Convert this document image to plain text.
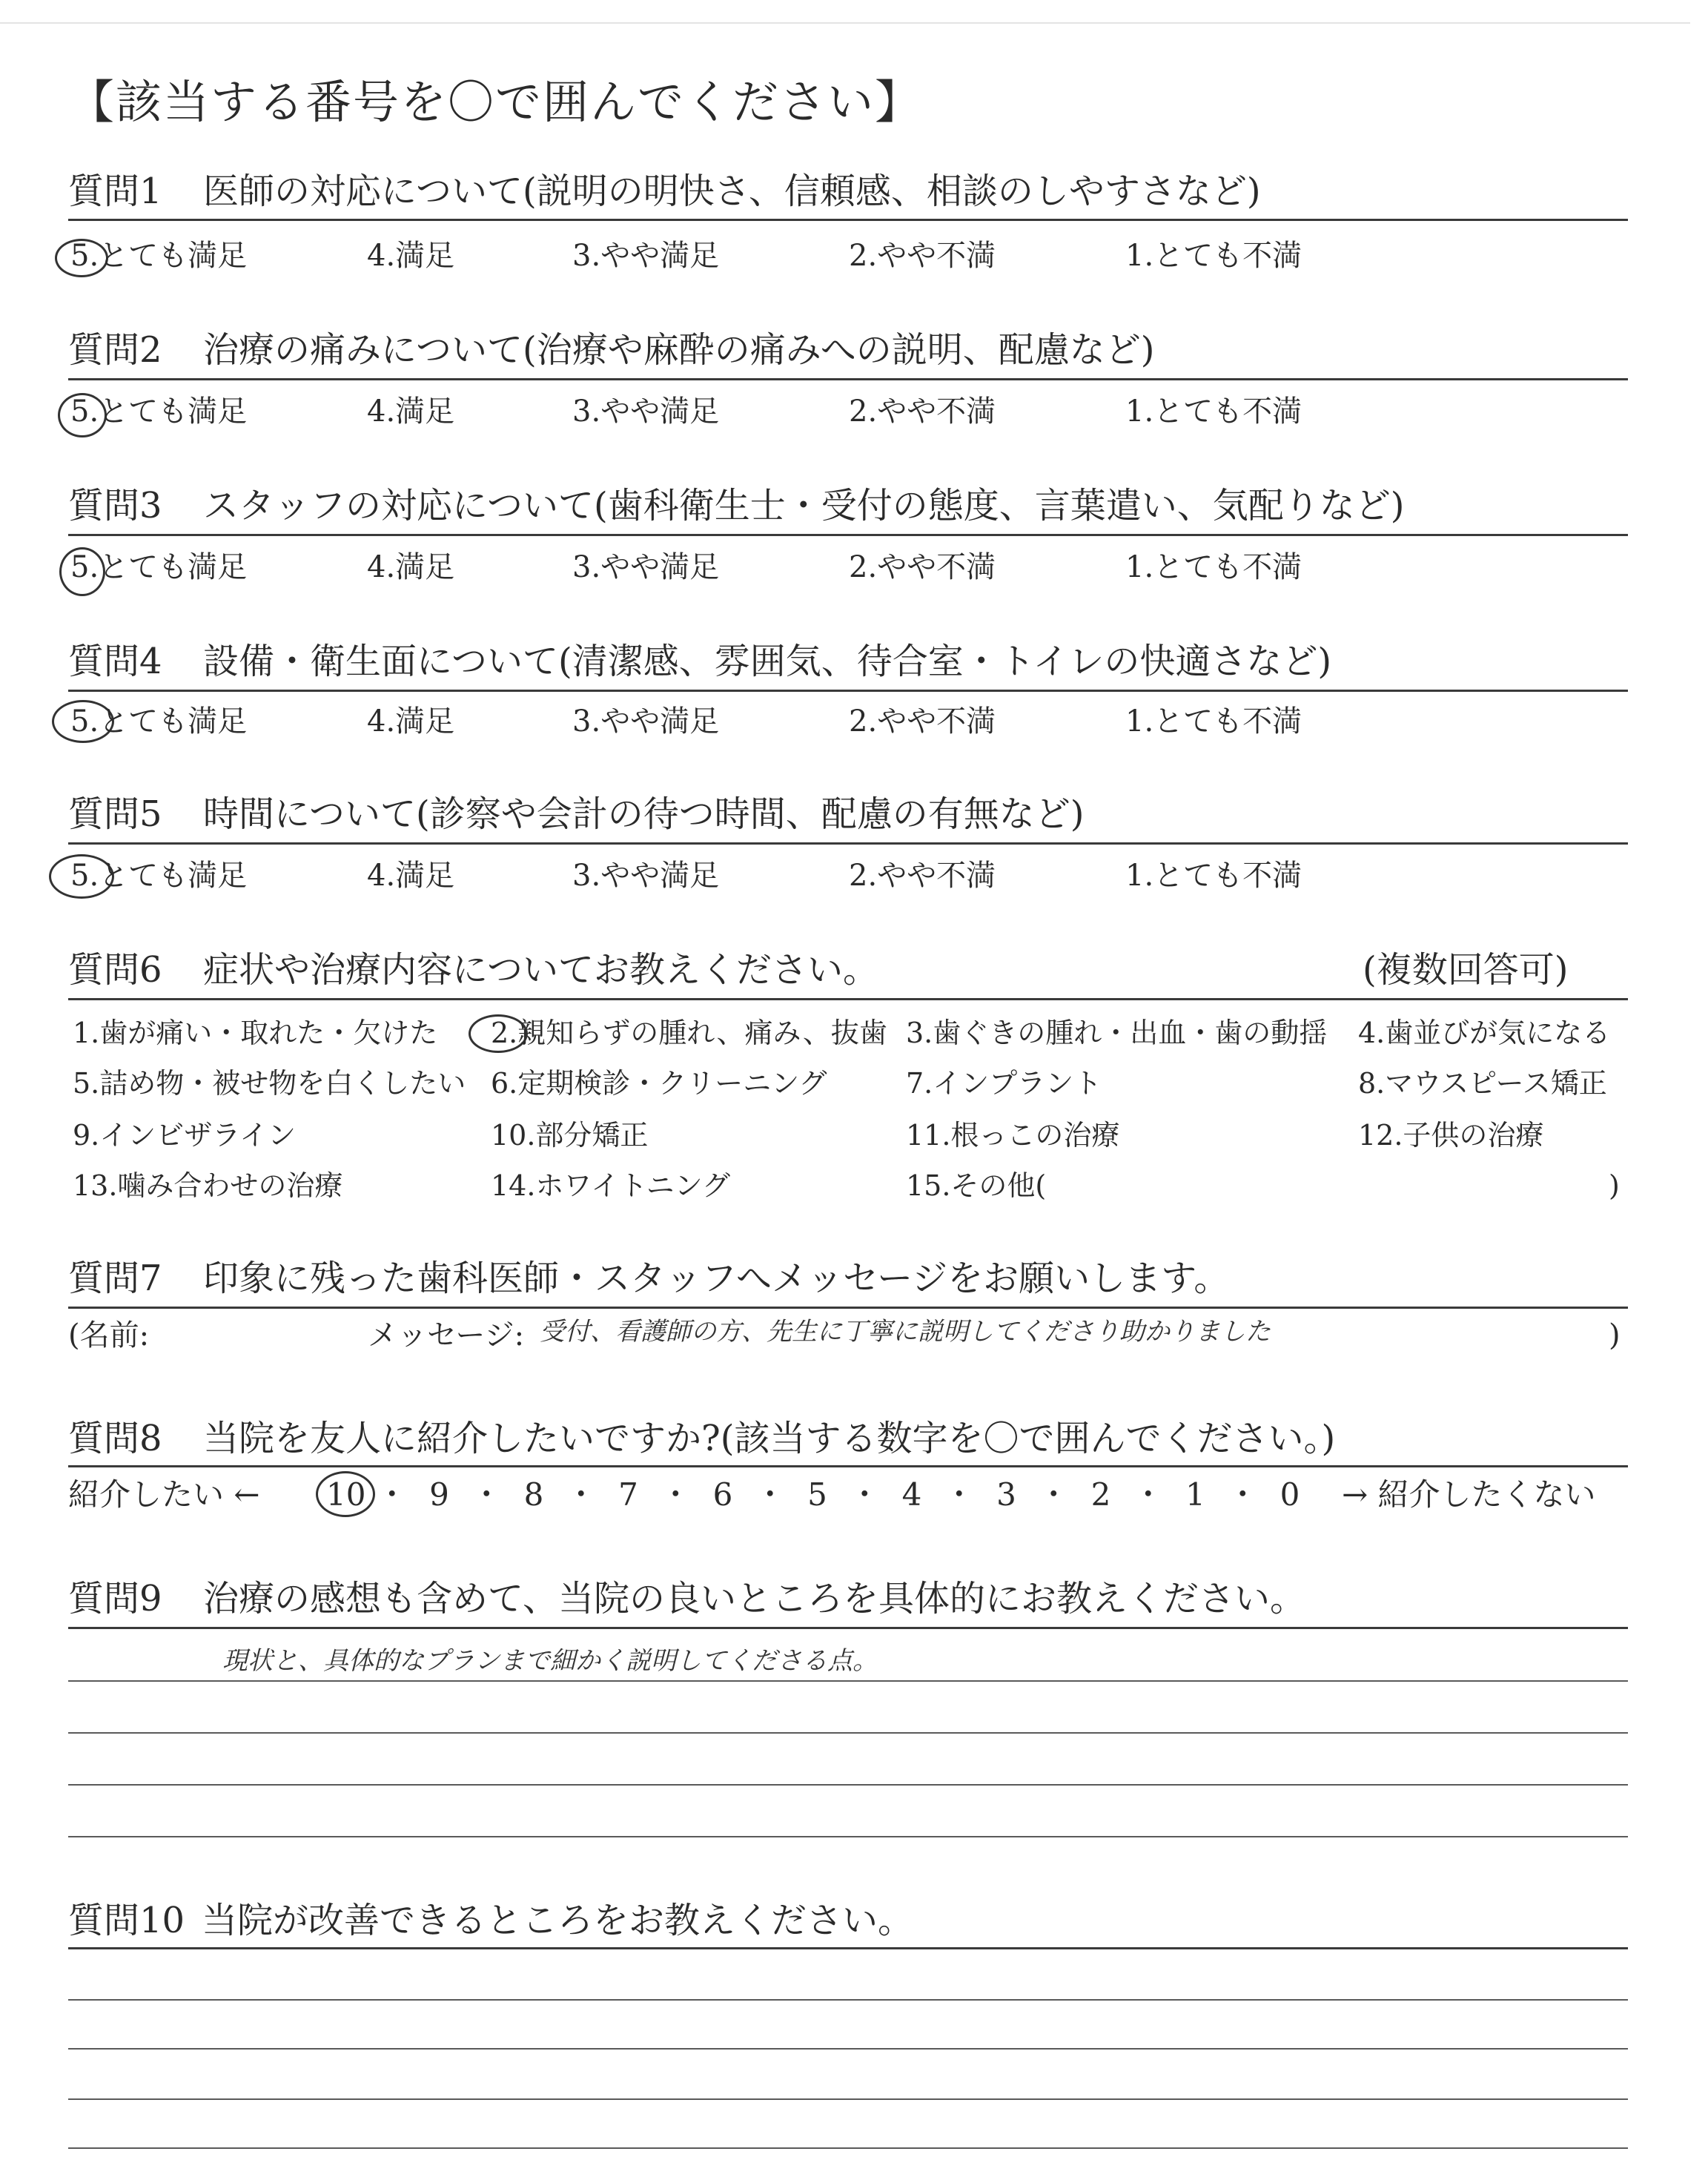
【該当する番号を〇で囲んでください】
質問1 医師の対応について(説明の明快さ、信頼感、相談のしやすさなど)
5.とても満足	4.満足	3.やや満足	2.やや不満	1.とても不満
質問2 治療の痛みについて(治療や麻酔の痛みへの説明、配慮など)
5.とても満足	4.満足	3.やや満足	2.やや不満	1.とても不満
質問3 スタッフの対応について(歯科衛生士・受付の態度、言葉遣い、気配りなど)
5.とても満足	4.満足	3.やや満足	2.やや不満	1.とても不満
質問4 設備・衛生面について(清潔感、雰囲気、待合室・トイレの快適さなど)
5.とても満足	4.満足	3.やや満足	2.やや不満	1.とても不満
質問5 時間について(診察や会計の待つ時間、配慮の有無など)
5.とても満足	4.満足	3.やや満足	2.やや不満	1.とても不満
質問6 症状や治療内容についてお教えください。	(複数回答可)
1.歯が痛い・取れた・欠けた 2.親知らずの腫れ、痛み、抜歯 3.歯ぐきの腫れ・出血・歯の動揺 4.歯並びが気になる
5.詰め物・被せ物を白くしたい 6.定期検診・クリーニング	7.インプラント	8.マウスピース矯正
9.インビザライン	10.部分矯正	11.根っこの治療	12.子供の治療
13.噛み合わせの治療	14.ホワイトニング	15.その他(	)
質問7 印象に残った歯科医師・スタッフへメッセージをお願いします。
(名前:	メッセージ: 受付、看護師の方、先生に丁寧に説明してくださり助かりました	)
質問8 当院を友人に紹介したいですか?(該当する数字を〇で囲んでください。)
紹介したい ← 10 ・ 9 ・ 8 ・ 7 ・ 6 ・ 5 ・ 4 ・ 3 ・ 2 ・ 1 ・ 0 → 紹介したくない
質問9 治療の感想も含めて、当院の良いところを具体的にお教えください。
現状と、具体的なプランまで細かく説明してくださる点。
質問10 当院が改善できるところをお教えください。
